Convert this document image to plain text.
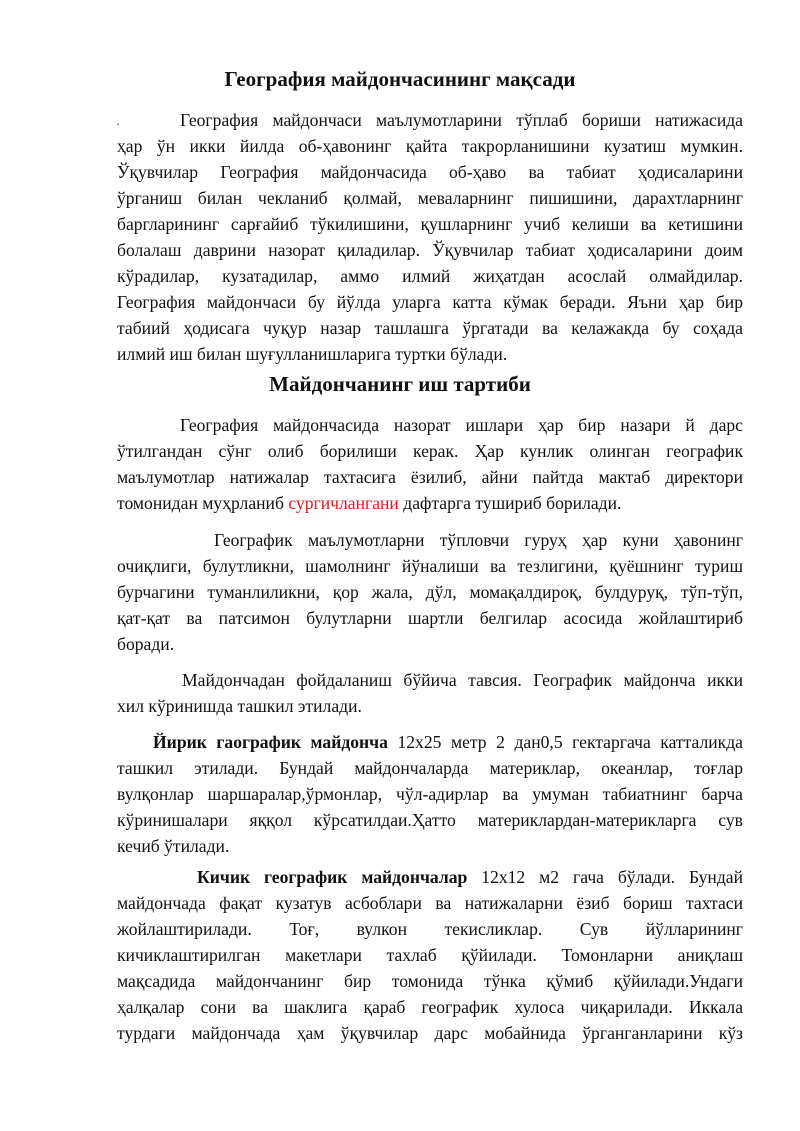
География майдончасининг мақсади
·	География майдончаси маълумотларини тўплаб бориши натижасида
ҳар ўн икки йилда об-ҳавонинг қайта такрорланишини кузатиш мумкин.
Ўқувчилар География майдончасида об-ҳаво ва табиат ҳодисаларини
ўрганиш билан чекланиб қолмай, меваларнинг пишишини, дарахтларнинг
баргларининг сарғайиб тўкилишини, қушларнинг учиб келиши ва кетишини
болалаш даврини назорат қиладилар. Ўқувчилар табиат ҳодисаларини доим
кўрадилар, кузатадилар, аммо илмий жиҳатдан асослай олмайдилар.
География майдончаси бу йўлда уларга катта кўмак беради. Яъни ҳар бир
табиий ҳодисага чуқур назар ташлашга ўргатади ва келажакда бу соҳада
илмий иш билан шуғулланишларига туртки бўлади.
Майдончанинг иш тартиби
География майдончасида назорат ишлари ҳар бир назари й дарс
ўтилгандан сўнг олиб борилиши керак. Ҳар кунлик олинган географик
маълумотлар натижалар тахтасига ёзилиб, айни пайтда мактаб директори
томонидан муҳрланиб сургичлангани дафтарга тушириб борилади.
Географик маълумотларни тўпловчи гуруҳ ҳар куни ҳавонинг
очиқлиги, булутликни, шамолнинг йўналиши ва тезлигини, қуёшнинг туриш
бурчагини туманлиликни, қор жала, дўл, момақалдироқ, булдуруқ, тўп-тўп,
қат-қат ва патсимон булутларни шартли белгилар асосида жойлаштириб
боради.
Майдончадан фойдаланиш бўйича тавсия. Географик майдонча икки
хил кўринишда ташкил этилади.
Йирик гаографик майдонча 12х25 метр 2 дан0,5 гектаргача катталикда
ташкил этилади. Бундай майдончаларда материклар, океанлар, тоғлар
вулқонлар шаршаралар,ўрмонлар, чўл-адирлар ва умуман табиатнинг барча
кўринишалари яққол кўрсатилдаи.Ҳатто материклардан-материкларга сув
кечиб ўтилади.
Кичик географик майдончалар 12х12 м2 гача бўлади. Бундай
майдончада фақат кузатув асбоблари ва натижаларни ёзиб бориш тахтаси
жойлаштирилади. Тоғ, вулкон текисликлар. Сув йўлларининг
кичиклаштирилган макетлари тахлаб қўйилади. Томонларни аниқлаш
мақсадида майдончанинг бир томонида тўнка қўмиб қўйилади.Ундаги
ҳалқалар сони ва шаклига қараб географик хулоса чиқарилади. Иккала
турдаги майдончада ҳам ўқувчилар дарс мобайнида ўрганганларини кўз
